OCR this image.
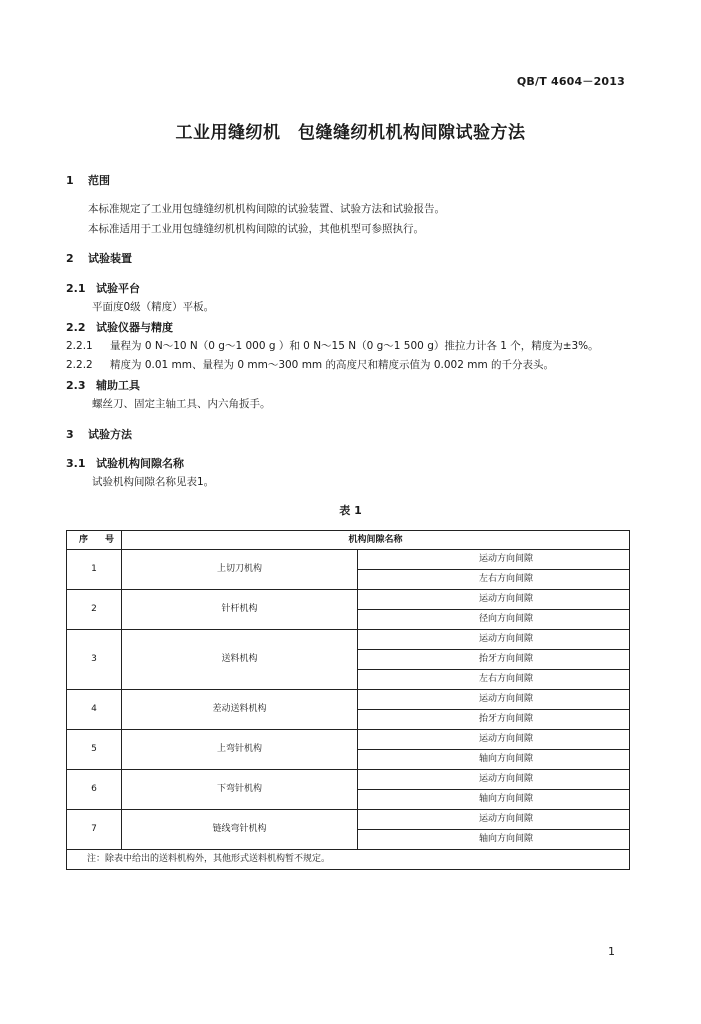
QB/T 4604－2013
工业用缝纫机　包缝缝纫机机构间隙试验方法
1 范围
本标准规定了工业用包缝缝纫机机构间隙的试验装置、试验方法和试验报告。
本标准适用于工业用包缝缝纫机机构间隙的试验，其他机型可参照执行。
2 试验装置
2.1 试验平台
平面度0级（精度）平板。
2.2 试验仪器与精度
2.2.1 量程为 0 N～10 N（0 g～1 000 g ）和 0 N～15 N（0 g～1 500 g）推拉力计各 1 个，精度为±3%。
2.2.2 精度为 0.01 mm、量程为 0 mm～300 mm 的高度尺和精度示值为 0.002 mm 的千分表头。
2.3 辅助工具
螺丝刀、固定主轴工具、内六角扳手。
3 试验方法
3.1 试验机构间隙名称
试验机构间隙名称见表1。
表 1
序　号	机构间隙名称	
1	上切刀机构	运动方向间隙
		左右方向间隙
2	针杆机构	运动方向间隙
		径向方向间隙
3	送料机构	运动方向间隙
		抬牙方向间隙
		左右方向间隙
4	差动送料机构	运动方向间隙
		抬牙方向间隙
5	上弯针机构	运动方向间隙
		轴向方向间隙
6	下弯针机构	运动方向间隙
		轴向方向间隙
7	链线弯针机构	运动方向间隙
		轴向方向间隙
注：除表中给出的送料机构外，其他形式送料机构暂不规定。		
1
